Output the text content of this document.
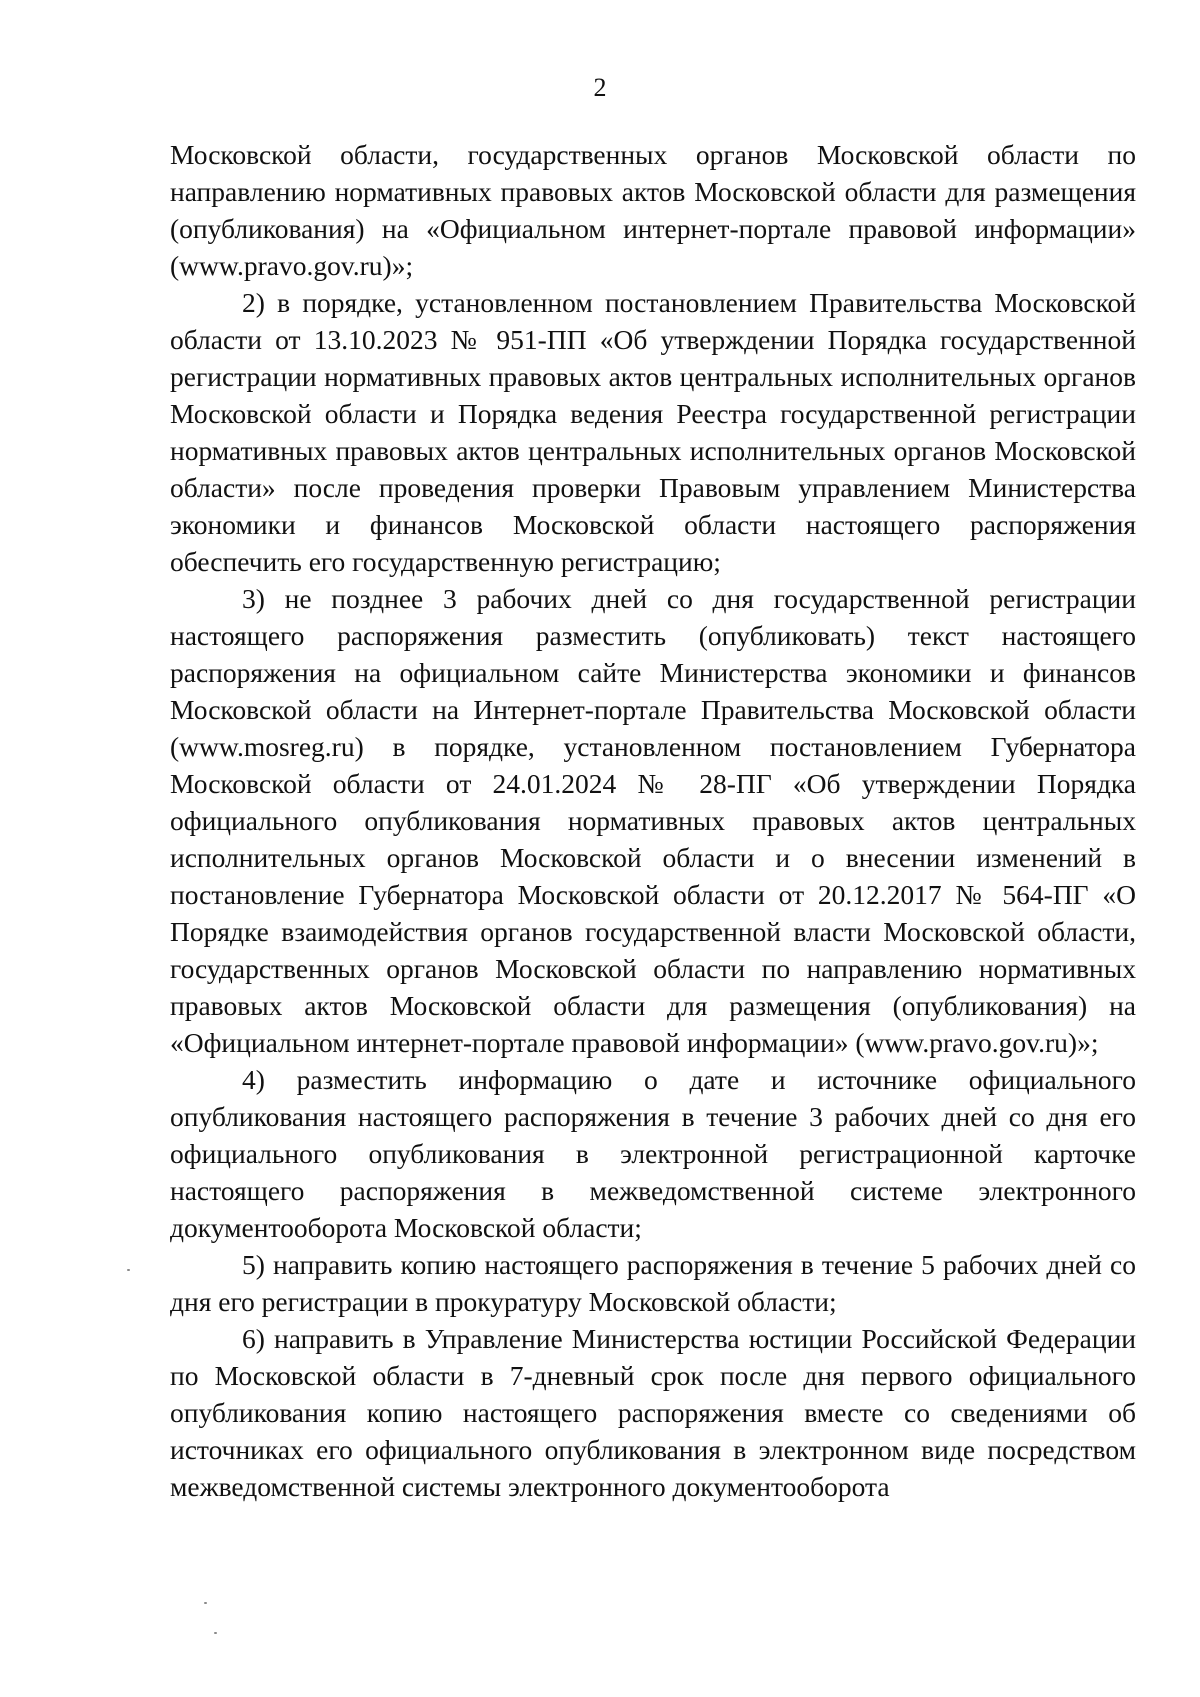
2

Московской области, государственных органов Московской области по направлению нормативных правовых актов Московской области для размещения (опубликования) на «Официальном интернет-портале правовой информации» (www.pravo.gov.ru)»;

2) в порядке, установленном постановлением Правительства Московской области от 13.10.2023 № 951-ПП «Об утверждении Порядка государственной регистрации нормативных правовых актов центральных исполнительных органов Московской области и Порядка ведения Реестра государственной регистрации нормативных правовых актов центральных исполнительных органов Московской области» после проведения проверки Правовым управлением Министерства экономики и финансов Московской области настоящего распоряжения обеспечить его государственную регистрацию;

3) не позднее 3 рабочих дней со дня государственной регистрации настоящего распоряжения разместить (опубликовать) текст настоящего распоряжения на официальном сайте Министерства экономики и финансов Московской области на Интернет-портале Правительства Московской области (www.mosreg.ru) в порядке, установленном постановлением Губернатора Московской области от 24.01.2024 № 28-ПГ «Об утверждении Порядка официального опубликования нормативных правовых актов центральных исполнительных органов Московской области и о внесении изменений в постановление Губернатора Московской области от 20.12.2017 № 564-ПГ «О Порядке взаимодействия органов государственной власти Московской области, государственных органов Московской области по направлению нормативных правовых актов Московской области для размещения (опубликования) на «Официальном интернет-портале правовой информации» (www.pravo.gov.ru)»;

4) разместить информацию о дате и источнике официального опубликования настоящего распоряжения в течение 3 рабочих дней со дня его официального опубликования в электронной регистрационной карточке настоящего распоряжения в межведомственной системе электронного документооборота Московской области;

5) направить копию настоящего распоряжения в течение 5 рабочих дней со дня его регистрации в прокуратуру Московской области;

6) направить в Управление Министерства юстиции Российской Федерации по Московской области в 7-дневный срок после дня первого официального опубликования копию настоящего распоряжения вместе со сведениями об источниках его официального опубликования в электронном виде посредством межведомственной системы электронного документооборота
